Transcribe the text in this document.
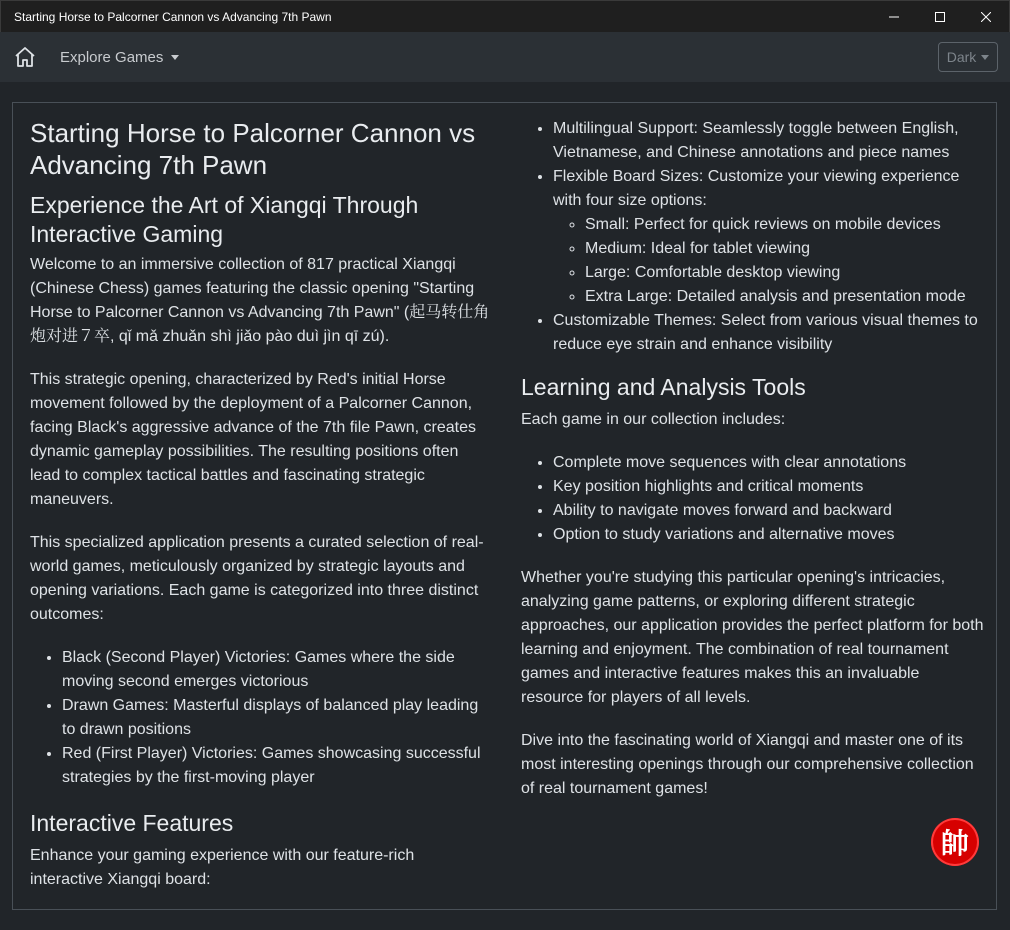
Starting Horse to Palcorner Cannon vs Advancing 7th Pawn
Explore Games	Dark
Starting Horse to Palcorner Cannon vs Advancing 7th Pawn
Experience the Art of Xiangqi Through Interactive Gaming

Welcome to an immersive collection of 817 practical Xiangqi (Chinese Chess) games featuring the classic opening "Starting Horse to Palcorner Cannon vs Advancing 7th Pawn" (起马转仕角炮对进７卒, qǐ mǎ zhuǎn shì jiǎo pào duì jìn qī zú).

This strategic opening, characterized by Red's initial Horse movement followed by the deployment of a Palcorner Cannon, facing Black's aggressive advance of the 7th file Pawn, creates dynamic gameplay possibilities. The resulting positions often lead to complex tactical battles and fascinating strategic maneuvers.

This specialized application presents a curated selection of real-world games, meticulously organized by strategic layouts and opening variations. Each game is categorized into three distinct outcomes:

• Black (Second Player) Victories: Games where the side moving second emerges victorious
• Drawn Games: Masterful displays of balanced play leading to drawn positions
• Red (First Player) Victories: Games showcasing successful strategies by the first-moving player
Interactive Features

Enhance your gaming experience with our feature-rich interactive Xiangqi board:

• Multilingual Support: Seamlessly toggle between English, Vietnamese, and Chinese annotations and piece names
• Flexible Board Sizes: Customize your viewing experience with four size options:
◦ Small: Perfect for quick reviews on mobile devices
◦ Medium: Ideal for tablet viewing
◦ Large: Comfortable desktop viewing
◦ Extra Large: Detailed analysis and presentation mode
• Customizable Themes: Select from various visual themes to reduce eye strain and enhance visibility
Learning and Analysis Tools

Each game in our collection includes:

• Complete move sequences with clear annotations
• Key position highlights and critical moments
• Ability to navigate moves forward and backward
• Option to study variations and alternative moves

Whether you're studying this particular opening's intricacies, analyzing game patterns, or exploring different strategic approaches, our application provides the perfect platform for both learning and enjoyment. The combination of real tournament games and interactive features makes this an invaluable resource for players of all levels.

Dive into the fascinating world of Xiangqi and master one of its most interesting openings through our comprehensive collection of real tournament games!

帥
